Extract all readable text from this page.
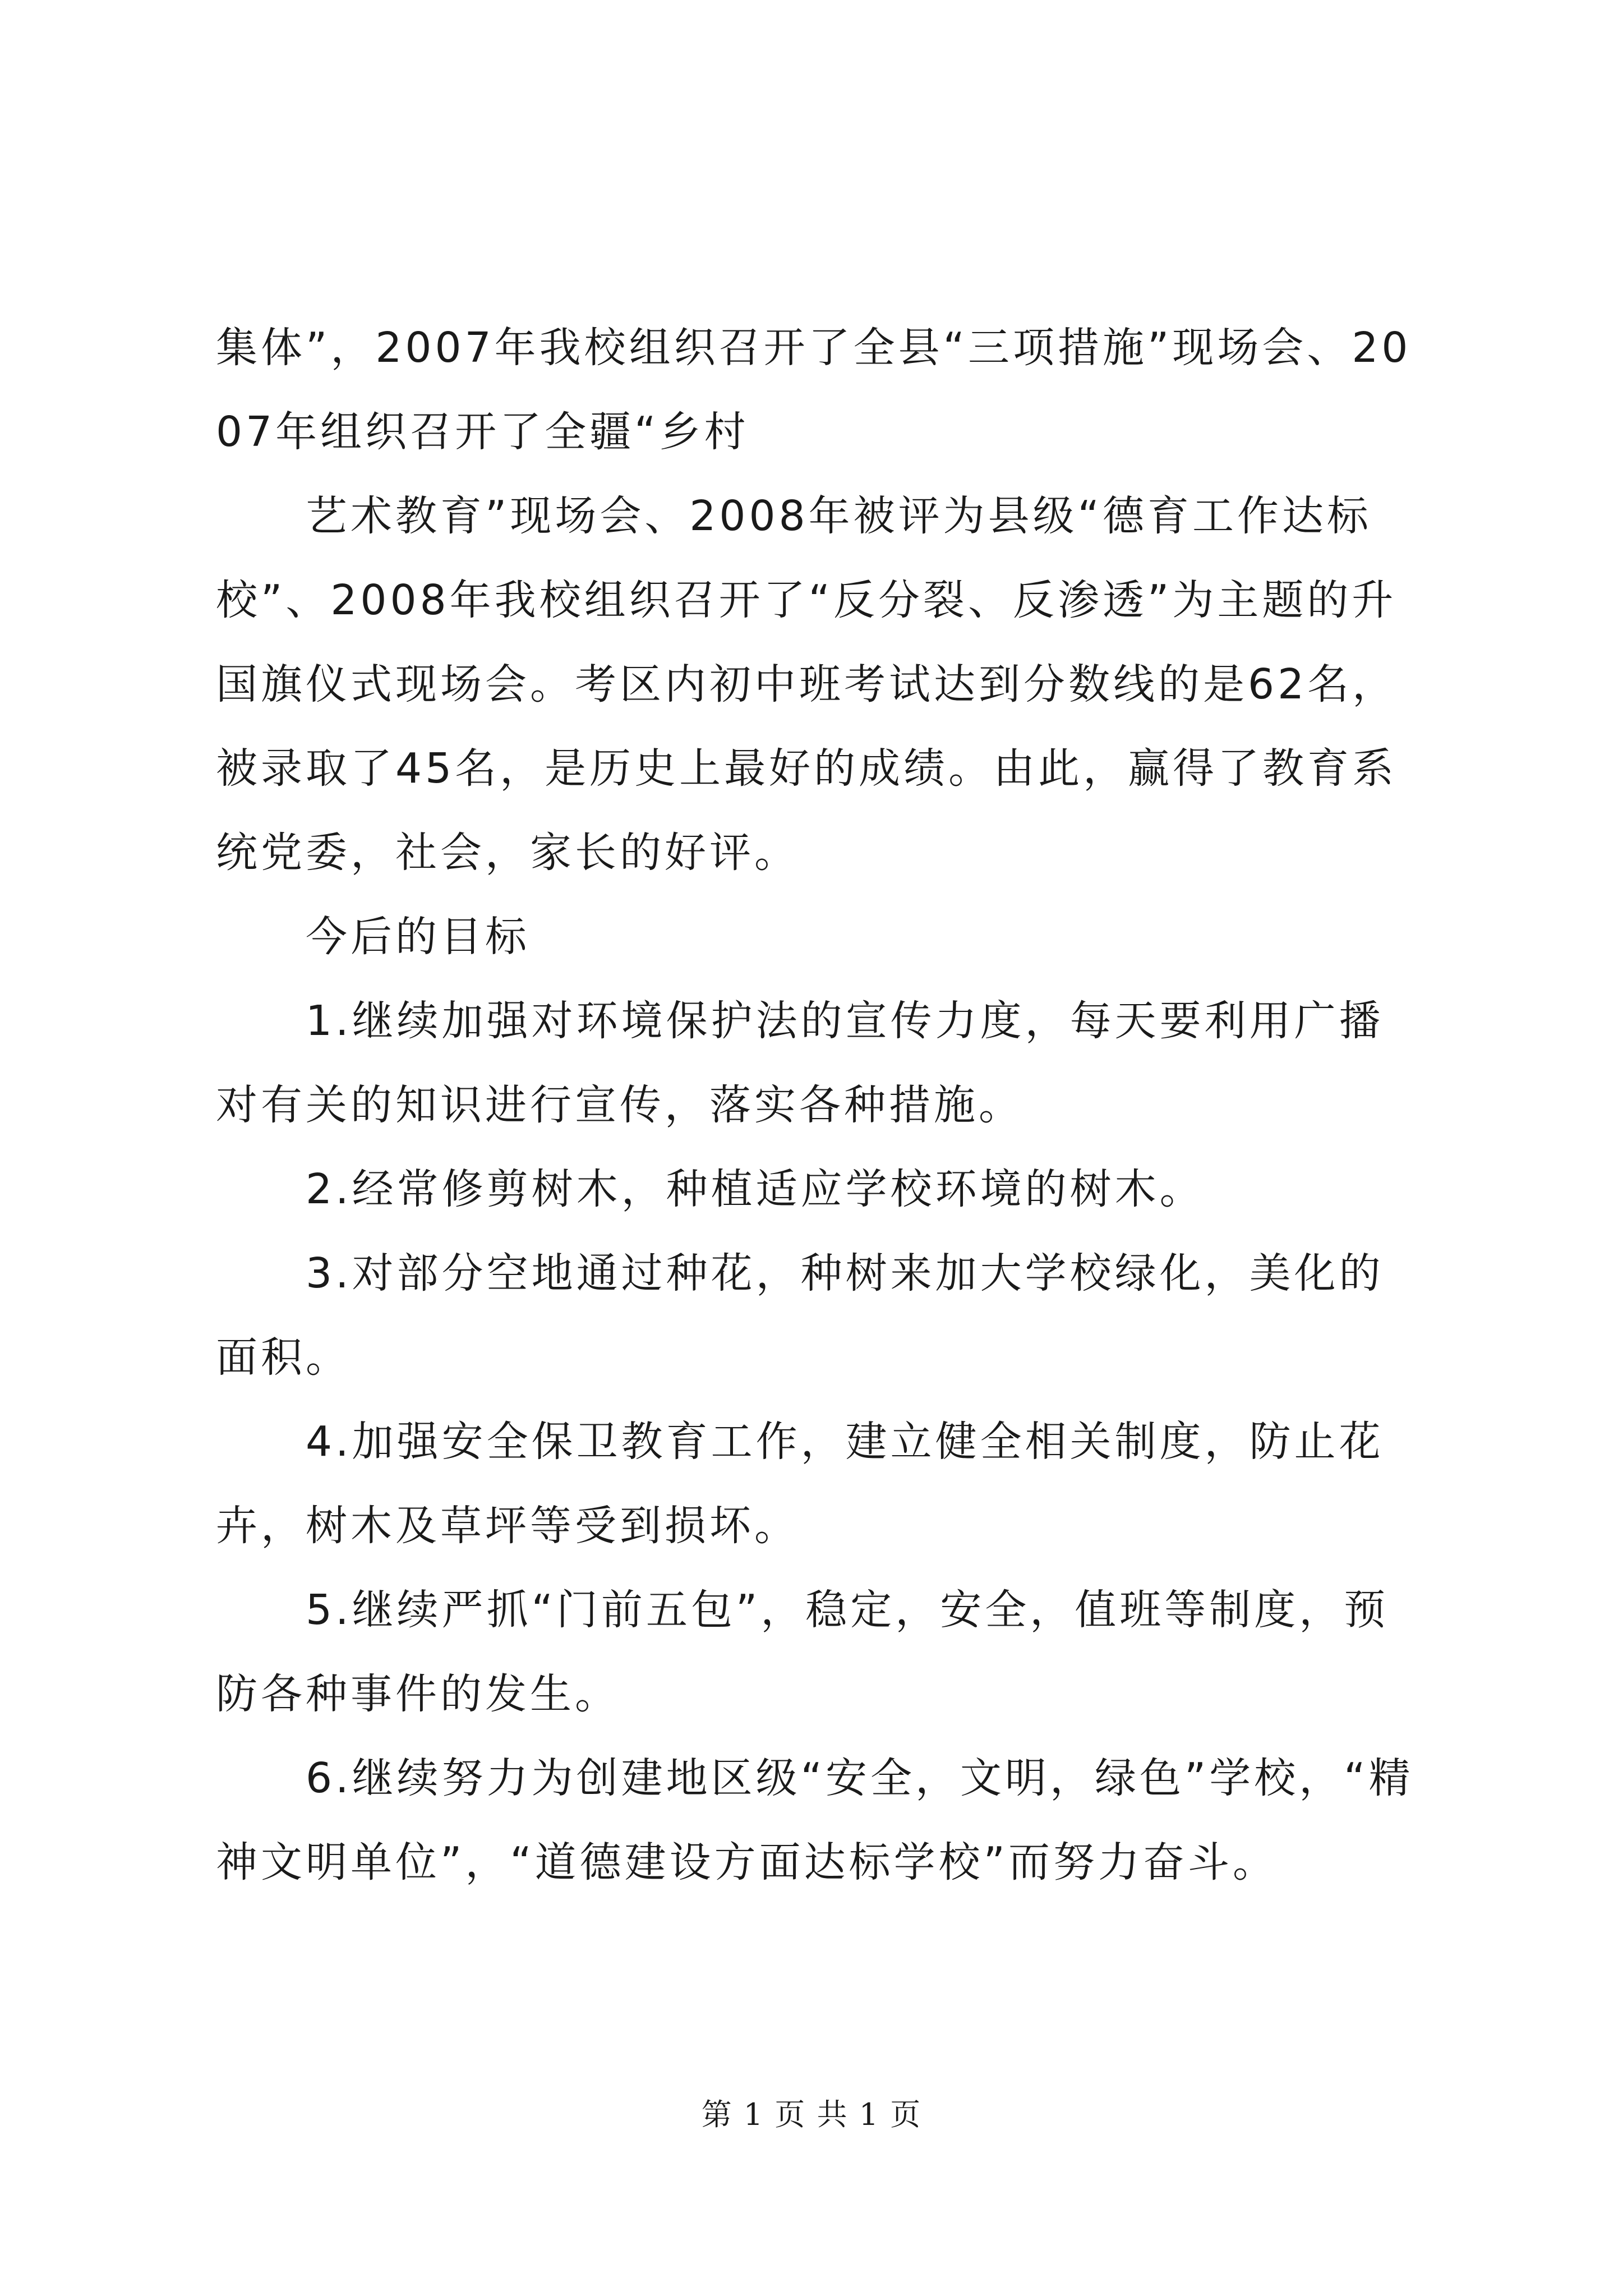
集体”，2007年我校组织召开了全县“三项措施”现场会、2007年组织召开了全疆“乡村

艺术教育”现场会、2008年被评为县级“德育工作达标校”、2008年我校组织召开了“反分裂、反渗透”为主题的升国旗仪式现场会。考区内初中班考试达到分数线的是62名，被录取了45名，是历史上最好的成绩。由此，赢得了教育系统党委，社会，家长的好评。

今后的目标

1.继续加强对环境保护法的宣传力度，每天要利用广播对有关的知识进行宣传，落实各种措施。

2.经常修剪树木，种植适应学校环境的树木。

3.对部分空地通过种花，种树来加大学校绿化，美化的面积。

4.加强安全保卫教育工作，建立健全相关制度，防止花卉，树木及草坪等受到损坏。

5.继续严抓“门前五包”，稳定，安全，值班等制度，预防各种事件的发生。

6.继续努力为创建地区级“安全，文明，绿色”学校，“精神文明单位”，“道德建设方面达标学校”而努力奋斗。

第 1 页 共 1 页
